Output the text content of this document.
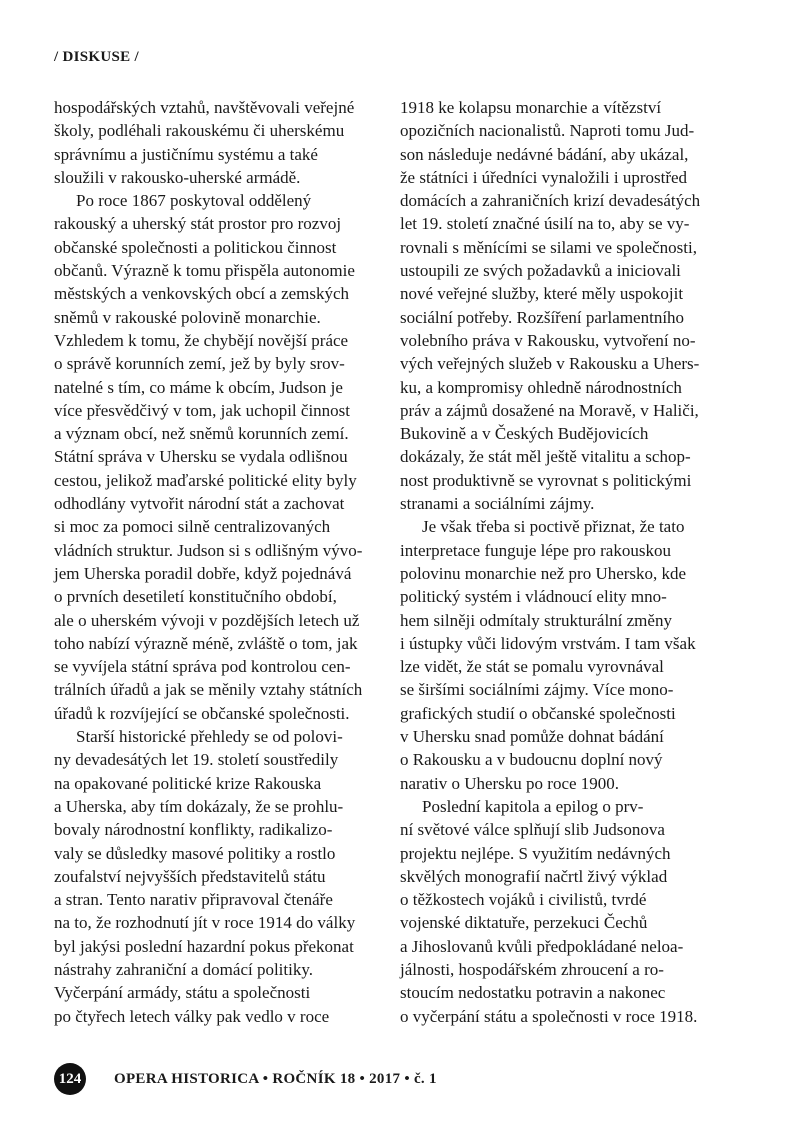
/ DISKUSE /

hospodářských vztahů, navštěvovali veřejné
školy, podléhali rakouskému či uherskému
správnímu a justičnímu systému a také
sloužili v rakousko-uherské armádě.

Po roce 1867 poskytoval oddělený
rakouský a uherský stát prostor pro rozvoj
občanské společnosti a politickou činnost
občanů. Výrazně k tomu přispěla autonomie
městských a venkovských obcí a zemských
sněmů v rakouské polovině monarchie.
Vzhledem k tomu, že chybějí novější práce
o správě korunních zemí, jež by byly srov-
natelné s tím, co máme k obcím, Judson je
více přesvědčivý v tom, jak uchopil činnost
a význam obcí, než sněmů korunních zemí.
Státní správa v Uhersku se vydala odlišnou
cestou, jelikož maďarské politické elity byly
odhodlány vytvořit národní stát a zachovat
si moc za pomoci silně centralizovaných
vládních struktur. Judson si s odlišným vývo-
jem Uherska poradil dobře, když pojednává
o prvních desetiletí konstitučního období,
ale o uherském vývoji v pozdějších letech už
toho nabízí výrazně méně, zvláště o tom, jak
se vyvíjela státní správa pod kontrolou cen-
trálních úřadů a jak se měnily vztahy státních
úřadů k rozvíjející se občanské společnosti.

Starší historické přehledy se od polovi-
ny devadesátých let 19. století soustředily
na opakované politické krize Rakouska
a Uherska, aby tím dokázaly, že se prohlu-
bovaly národnostní konflikty, radikalizo-
valy se důsledky masové politiky a rostlo
zoufalství nejvyšších představitelů státu
a stran. Tento narativ připravoval čtenáře
na to, že rozhodnutí jít v roce 1914 do války
byl jakýsi poslední hazardní pokus překonat
nástrahy zahraniční a domácí politiky.
Vyčerpání armády, státu a společnosti
po čtyřech letech války pak vedlo v roce

1918 ke kolapsu monarchie a vítězství
opozičních nacionalistů. Naproti tomu Jud-
son následuje nedávné bádání, aby ukázal,
že státníci i úředníci vynaložili i uprostřed
domácích a zahraničních krizí devadesátých
let 19. století značné úsilí na to, aby se vy-
rovnali s měnícími se silami ve společnosti,
ustoupili ze svých požadavků a iniciovali
nové veřejné služby, které měly uspokojit
sociální potřeby. Rozšíření parlamentního
volebního práva v Rakousku, vytvoření no-
vých veřejných služeb v Rakousku a Uhers-
ku, a kompromisy ohledně národnostních
práv a zájmů dosažené na Moravě, v Haliči,
Bukovině a v Českých Budějovicích
dokázaly, že stát měl ještě vitalitu a schop-
nost produktivně se vyrovnat s politickými
stranami a sociálními zájmy.

Je však třeba si poctivě přiznat, že tato
interpretace funguje lépe pro rakouskou
polovinu monarchie než pro Uhersko, kde
politický systém i vládnoucí elity mno-
hem silněji odmítaly strukturální změny
i ústupky vůči lidovým vrstvám. I tam však
lze vidět, že stát se pomalu vyrovnával
se širšími sociálními zájmy. Více mono-
grafických studií o občanské společnosti
v Uhersku snad pomůže dohnat bádání
o Rakousku a v budoucnu doplní nový
narativ o Uhersku po roce 1900.

Poslední kapitola a epilog o prv-
ní světové válce splňují slib Judsonova
projektu nejlépe. S využitím nedávných
skvělých monografií načrtl živý výklad
o těžkostech vojáků i civilistů, tvrdé
vojenské diktatuře, perzekuci Čechů
a Jihoslovanů kvůli předpokládané neloa-
jálnosti, hospodářském zhroucení a ro-
stoucím nedostatku potravin a nakonec
o vyčerpání státu a společnosti v roce 1918.

124	OPERA HISTORICA • ROČNÍK 18 • 2017 • č. 1
